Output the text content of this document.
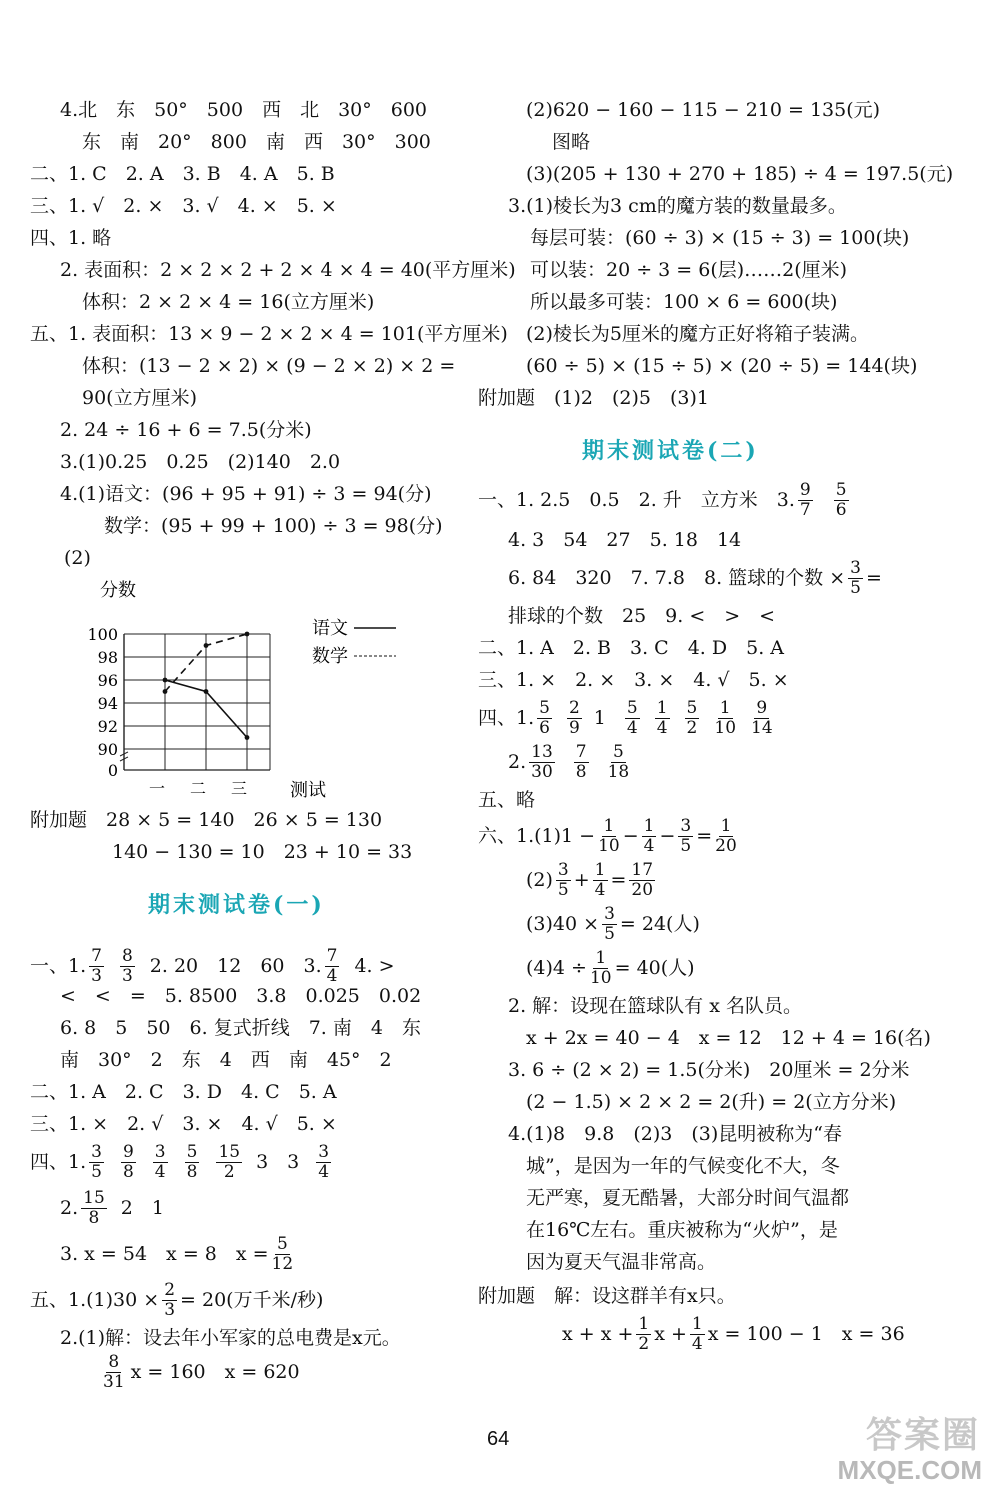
4.北　东　50°　500　西　北　30°　600
东　南　20°　800　南　西　30°　300
二、1. C　2. A　3. B　4. A　5. B
三、1. √　2. ×　3. √　4. ×　5. ×
四、1. 略
2. 表面积：2 × 2 × 2 + 2 × 4 × 4 = 40(平方厘米)
体积：2 × 2 × 4 = 16(立方厘米)
五、1. 表面积：13 × 9 − 2 × 2 × 4 = 101(平方厘米)
体积：(13 − 2 × 2) × (9 − 2 × 2) × 2 =
90(立方厘米)
2. 24 ÷ 16 + 6 = 7.5(分米)
3.(1)0.25　0.25　(2)140　2.0
4.(1)语文：(96 + 95 + 91) ÷ 3 = 94(分)
数学：(95 + 99 + 100) ÷ 3 = 98(分)
(2)
分数
100
98
96
94
92
90
0
一 二 三 测试
语文
数学
附加题　28 × 5 = 140　26 × 5 = 130
140 − 130 = 10　23 + 10 = 33
期末测试卷(一)
一、1. 7
3
8
3 2. 20　12　60　3. 7
4 4. >
<　<　=　5. 8500　3.8　0.025　0.02
6. 8　5　50　6. 复式折线　7. 南　4　东
南　30°　2　东　4　西　南　45°　2
二、1. A　2. C　3. D　4. C　5. A
三、1. ×　2. √　3. ×　4. √　5. ×
四、1. 3
5
9
8
3
4
5
8
15
2 3　3 3
4
2. 15
8 2　1
3. x = 54　x = 8　$x = \frac{5}{12}$
五、$1.(1)30 \times \frac{2}{3} = 20$(万千米/秒)
2.(1)解：设去年小军家的总电费是x元。
8
31 x = 160　x = 620
(2)620 − 160 − 115 − 210 = 135(元)
图略
(3)(205 + 130 + 270 + 185) ÷ 4 = 197.5(元)
3.(1)棱长为3 cm的魔方装的数量最多。
每层可装：(60 ÷ 3) × (15 ÷ 3) = 100(块)
可以装：20 ÷ 3 = 6(层)……2(厘米)
所以最多可装：100 × 6 = 600(块)
(2)棱长为5厘米的魔方正好将箱子装满。
(60 ÷ 5) × (15 ÷ 5) × (20 ÷ 5) = 144(块)
附加题　(1)2　(2)5　(3)1
期末测试卷(二)
一、1. 2.5　0.5　2. 升　立方米　3. 9
7
5
6
4. 3　54　27　5. 18　14
6. 84　320　7. 7.8　8. 篮球的个数 × $\frac{3}{5}$ =
排球的个数　25　9. <　>　<
二、1. A　2. B　3. C　4. D　5. A
三、1. ×　2. ×　3. ×　4. √　5. ×
四、1. 5
6
2
9 1 5
4
1
4
5
2
1
10
9
14
2. 13
30
7
8
5
18
五、略
六、$1.(1)1 - \frac{1}{10} - \frac{1}{4} - \frac{3}{5} = \frac{1}{20}$
(2) 3
$5 + \frac{1}{4} = \frac{17}{20}$
$(3)40 \times \frac{3}{5} = 24$(人)
$(4)4 \div \frac{1}{10} = 40$(人)
2. 解：设现在篮球队有 x 名队员。
x + 2x = 40 − 4　x = 12　12 + 4 = 16(名)
3. 6 ÷ (2 × 2) = 1.5(分米)　20厘米 = 2分米
(2 − 1.5) × 2 × 2 = 2(升) = 2(立方分米)
4.(1)8　9.8　(2)3　(3)昆明被称为“春
城”，是因为一年的气候变化不大，冬
无严寒，夏无酷暑，大部分时间气温都
在16℃左右。重庆被称为“火炉”，是
因为夏天气温非常高。
附加题　解：设这群羊有x只。
$x + x + \frac{1}{2}$ $x + \frac{1}{4}$ x = 100 − 1　x = 36
64	答案圈
MXQE.COM
